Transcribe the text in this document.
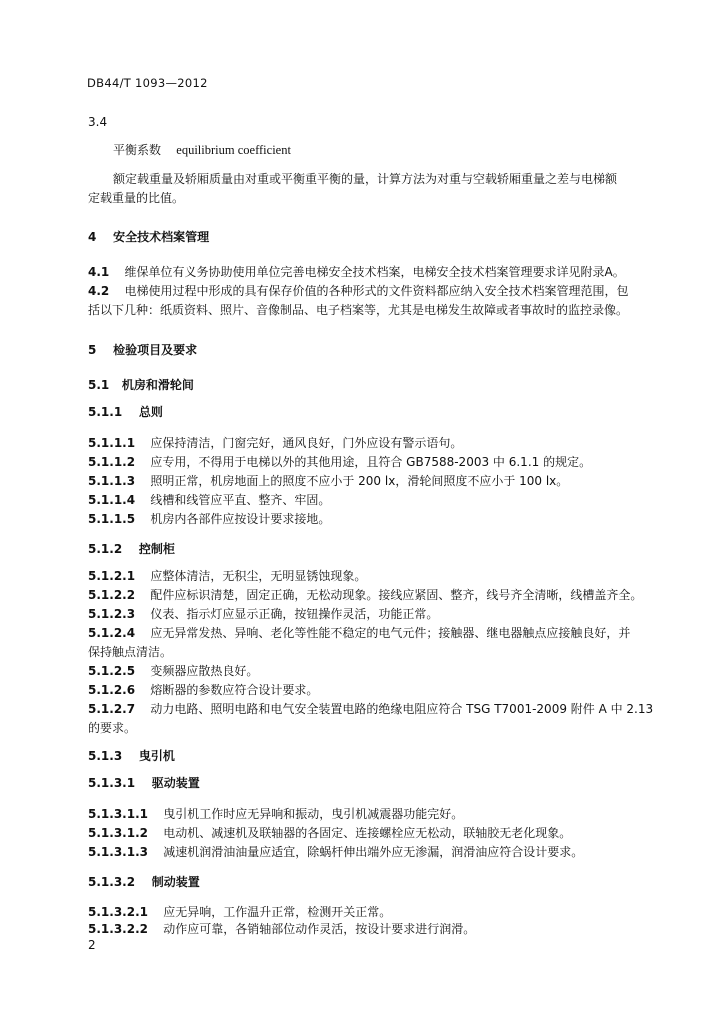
DB44/T 1093—2012
3.4
平衡系数 equilibrium coefficient
额定载重量及轿厢质量由对重或平衡重平衡的量，计算方法为对重与空载轿厢重量之差与电梯额
定载重量的比值。
4 安全技术档案管理
4.1 维保单位有义务协助使用单位完善电梯安全技术档案，电梯安全技术档案管理要求详见附录A。
4.2 电梯使用过程中形成的具有保存价值的各种形式的文件资料都应纳入安全技术档案管理范围，包
括以下几种：纸质资料、照片、音像制品、电子档案等，尤其是电梯发生故障或者事故时的监控录像。
5 检验项目及要求
5.1 机房和滑轮间
5.1.1 总则
5.1.1.1 应保持清洁，门窗完好，通风良好，门外应设有警示语句。
5.1.1.2 应专用，不得用于电梯以外的其他用途，且符合 GB7588-2003 中 6.1.1 的规定。
5.1.1.3 照明正常，机房地面上的照度不应小于 200 lx，滑轮间照度不应小于 100 lx。
5.1.1.4 线槽和线管应平直、整齐、牢固。
5.1.1.5 机房内各部件应按设计要求接地。
5.1.2 控制柜
5.1.2.1 应整体清洁，无积尘，无明显锈蚀现象。
5.1.2.2 配件应标识清楚，固定正确，无松动现象。接线应紧固、整齐，线号齐全清晰，线槽盖齐全。
5.1.2.3 仪表、指示灯应显示正确，按钮操作灵活，功能正常。
5.1.2.4 应无异常发热、异响、老化等性能不稳定的电气元件；接触器、继电器触点应接触良好，并
保持触点清洁。
5.1.2.5 变频器应散热良好。
5.1.2.6 熔断器的参数应符合设计要求。
5.1.2.7 动力电路、照明电路和电气安全装置电路的绝缘电阻应符合 TSG T7001-2009 附件 A 中 2.13
的要求。
5.1.3 曳引机
5.1.3.1 驱动装置
5.1.3.1.1 曳引机工作时应无异响和振动，曳引机减震器功能完好。
5.1.3.1.2 电动机、减速机及联轴器的各固定、连接螺栓应无松动，联轴胶无老化现象。
5.1.3.1.3 减速机润滑油油量应适宜，除蜗杆伸出端外应无渗漏，润滑油应符合设计要求。
5.1.3.2 制动装置
5.1.3.2.1 应无异响，工作温升正常，检测开关正常。
5.1.3.2.2 动作应可靠，各销轴部位动作灵活，按设计要求进行润滑。
2
